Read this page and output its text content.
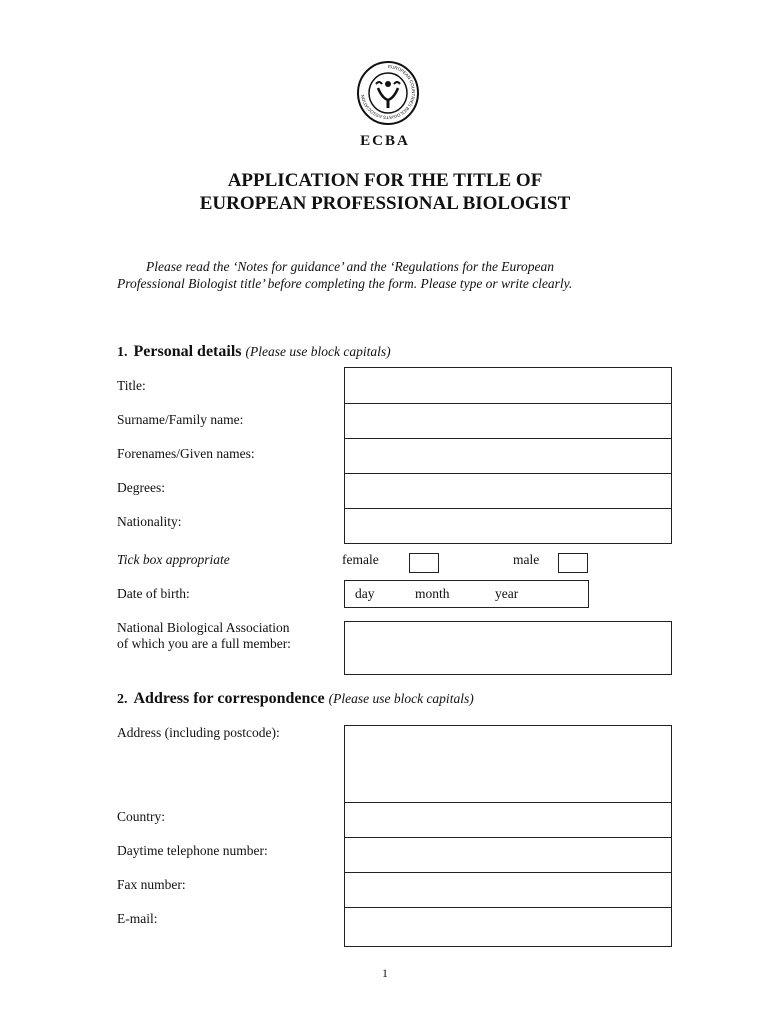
EUROPEAN COUNTRIES BIOLOGISTS ASSOCIATION
ECBA
APPLICATION FOR THE TITLE OF
EUROPEAN PROFESSIONAL BIOLOGIST
Please read the ‘Notes for guidance’ and the ‘Regulations for the European
Professional Biologist title’ before completing the form. Please type or write clearly.
1. Personal details (Please use block capitals)
Title:
Surname/Family name:
Forenames/Given names:
Degrees:
Nationality:
Tick box appropriate	female	male
Date of birth:	day	month	year
National Biological Association
of which you are a full member:
2. Address for correspondence (Please use block capitals)
Address (including postcode):
Country:
Daytime telephone number:
Fax number:
E-mail:
1
